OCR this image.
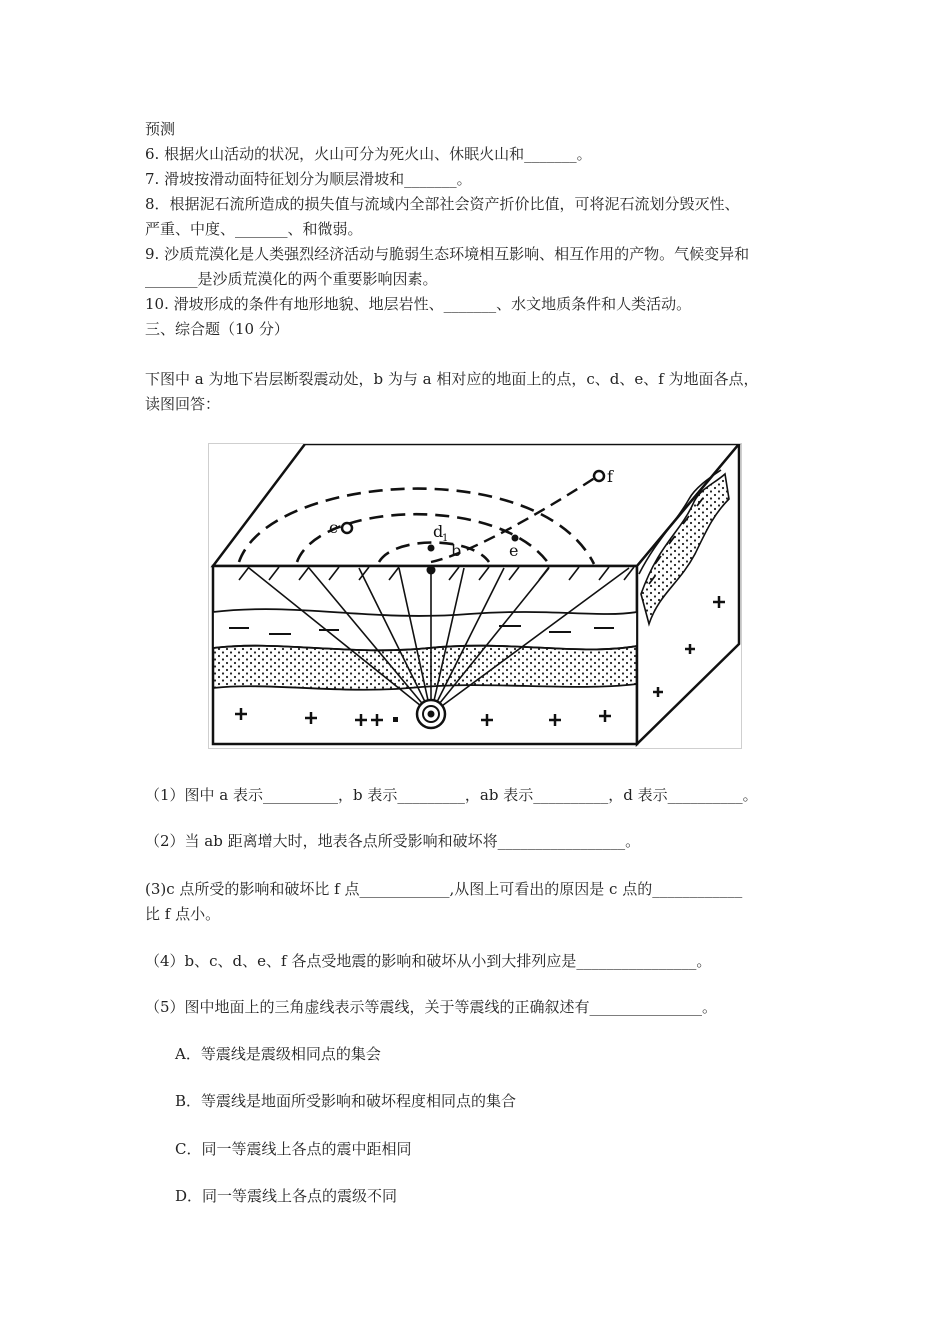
预测
6. 根据火山活动的状况，火山可分为死火山、休眠火山和_______。
7. 滑坡按滑动面特征划分为顺层滑坡和_______。
8．根据泥石流所造成的损失值与流域内全部社会资产折价比值，可将泥石流划分毁灭性、
严重、中度、_______、和微弱。
9. 沙质荒漠化是人类强烈经济活动与脆弱生态环境相互影响、相互作用的产物。气候变异和
_______是沙质荒漠化的两个重要影响因素。
10. 滑坡形成的条件有地形地貌、地层岩性、_______、水文地质条件和人类活动。
三、综合题（10 分）
下图中 a 为地下岩层断裂震动处，b 为与 a 相对应的地面上的点，c、d、e、f 为地面各点，
读图回答：
c	d
1
b	e
f
（1）图中 a 表示__________，b 表示_________，ab 表示__________，d 表示__________。
（2）当 ab 距离增大时，地表各点所受影响和破坏将_________________。
(3)c 点所受的影响和破坏比 f 点____________,从图上可看出的原因是 c 点的____________
比 f 点小。
（4）b、c、d、e、f 各点受地震的影响和破坏从小到大排列应是________________。
（5）图中地面上的三角虚线表示等震线，关于等震线的正确叙述有_______________。
A．等震线是震级相同点的集会
B．等震线是地面所受影响和破坏程度相同点的集合
C．同一等震线上各点的震中距相同
D．同一等震线上各点的震级不同
